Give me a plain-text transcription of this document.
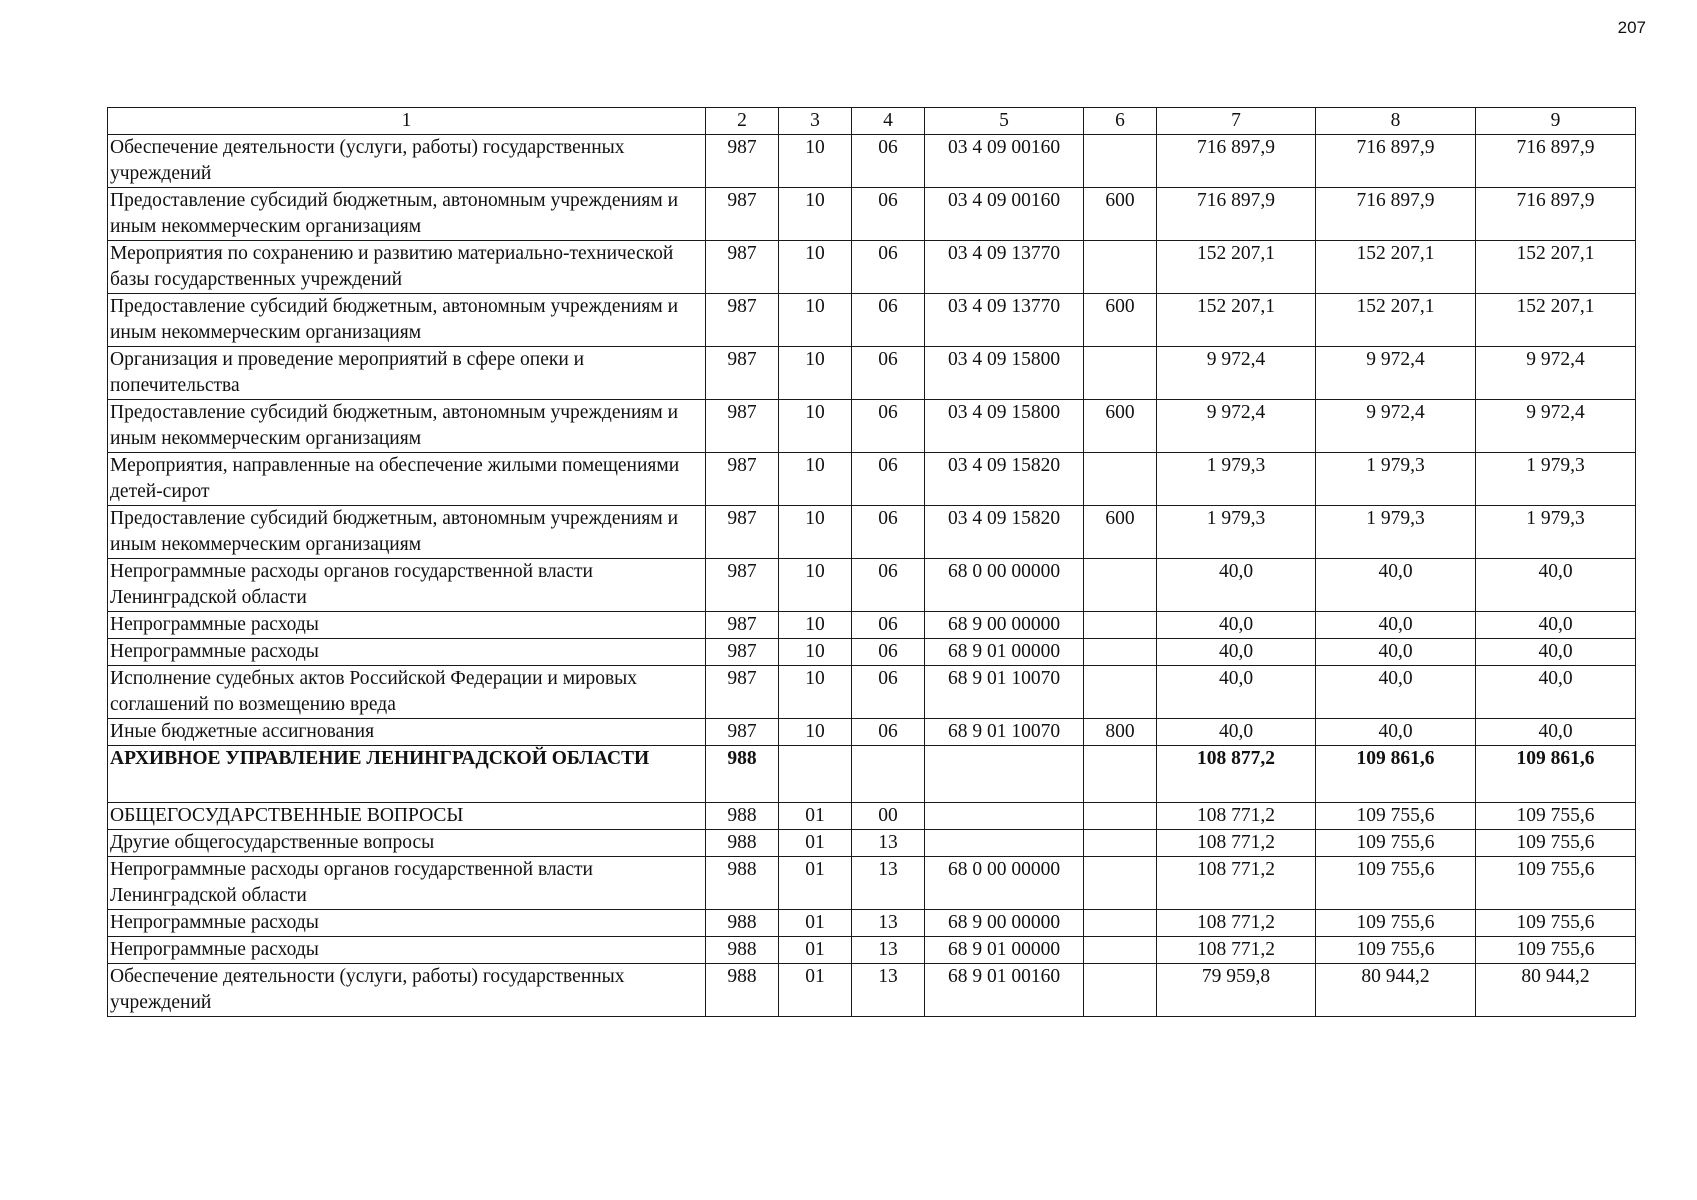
207
1	2	3	4	5	6	7	8	9
Обеспечение деятельности (услуги, работы) государственных учреждений	987	10	06	03 4 09 00160		716 897,9	716 897,9	716 897,9
Предоставление субсидий бюджетным, автономным учреждениям и иным некоммерческим организациям	987	10	06	03 4 09 00160	600	716 897,9	716 897,9	716 897,9
Мероприятия по сохранению и развитию материально-технической базы государственных учреждений	987	10	06	03 4 09 13770		152 207,1	152 207,1	152 207,1
Предоставление субсидий бюджетным, автономным учреждениям и иным некоммерческим организациям	987	10	06	03 4 09 13770	600	152 207,1	152 207,1	152 207,1
Организация и проведение мероприятий в сфере опеки и попечительства	987	10	06	03 4 09 15800		9 972,4	9 972,4	9 972,4
Предоставление субсидий бюджетным, автономным учреждениям и иным некоммерческим организациям	987	10	06	03 4 09 15800	600	9 972,4	9 972,4	9 972,4
Мероприятия, направленные на обеспечение жилыми помещениями детей-сирот	987	10	06	03 4 09 15820		1 979,3	1 979,3	1 979,3
Предоставление субсидий бюджетным, автономным учреждениям и иным некоммерческим организациям	987	10	06	03 4 09 15820	600	1 979,3	1 979,3	1 979,3
Непрограммные расходы органов государственной власти Ленинградской области	987	10	06	68 0 00 00000		40,0	40,0	40,0
Непрограммные расходы	987	10	06	68 9 00 00000		40,0	40,0	40,0
Непрограммные расходы	987	10	06	68 9 01 00000		40,0	40,0	40,0
Исполнение судебных актов Российской Федерации и мировых соглашений по возмещению вреда	987	10	06	68 9 01 10070		40,0	40,0	40,0
Иные бюджетные ассигнования	987	10	06	68 9 01 10070	800	40,0	40,0	40,0
АРХИВНОЕ УПРАВЛЕНИЕ ЛЕНИНГРАДСКОЙ ОБЛАСТИ	988					108 877,2	109 861,6	109 861,6
ОБЩЕГОСУДАРСТВЕННЫЕ ВОПРОСЫ	988	01	00			108 771,2	109 755,6	109 755,6
Другие общегосударственные вопросы	988	01	13			108 771,2	109 755,6	109 755,6
Непрограммные расходы органов государственной власти Ленинградской области	988	01	13	68 0 00 00000		108 771,2	109 755,6	109 755,6
Непрограммные расходы	988	01	13	68 9 00 00000		108 771,2	109 755,6	109 755,6
Непрограммные расходы	988	01	13	68 9 01 00000		108 771,2	109 755,6	109 755,6
Обеспечение деятельности (услуги, работы) государственных учреждений	988	01	13	68 9 01 00160		79 959,8	80 944,2	80 944,2
